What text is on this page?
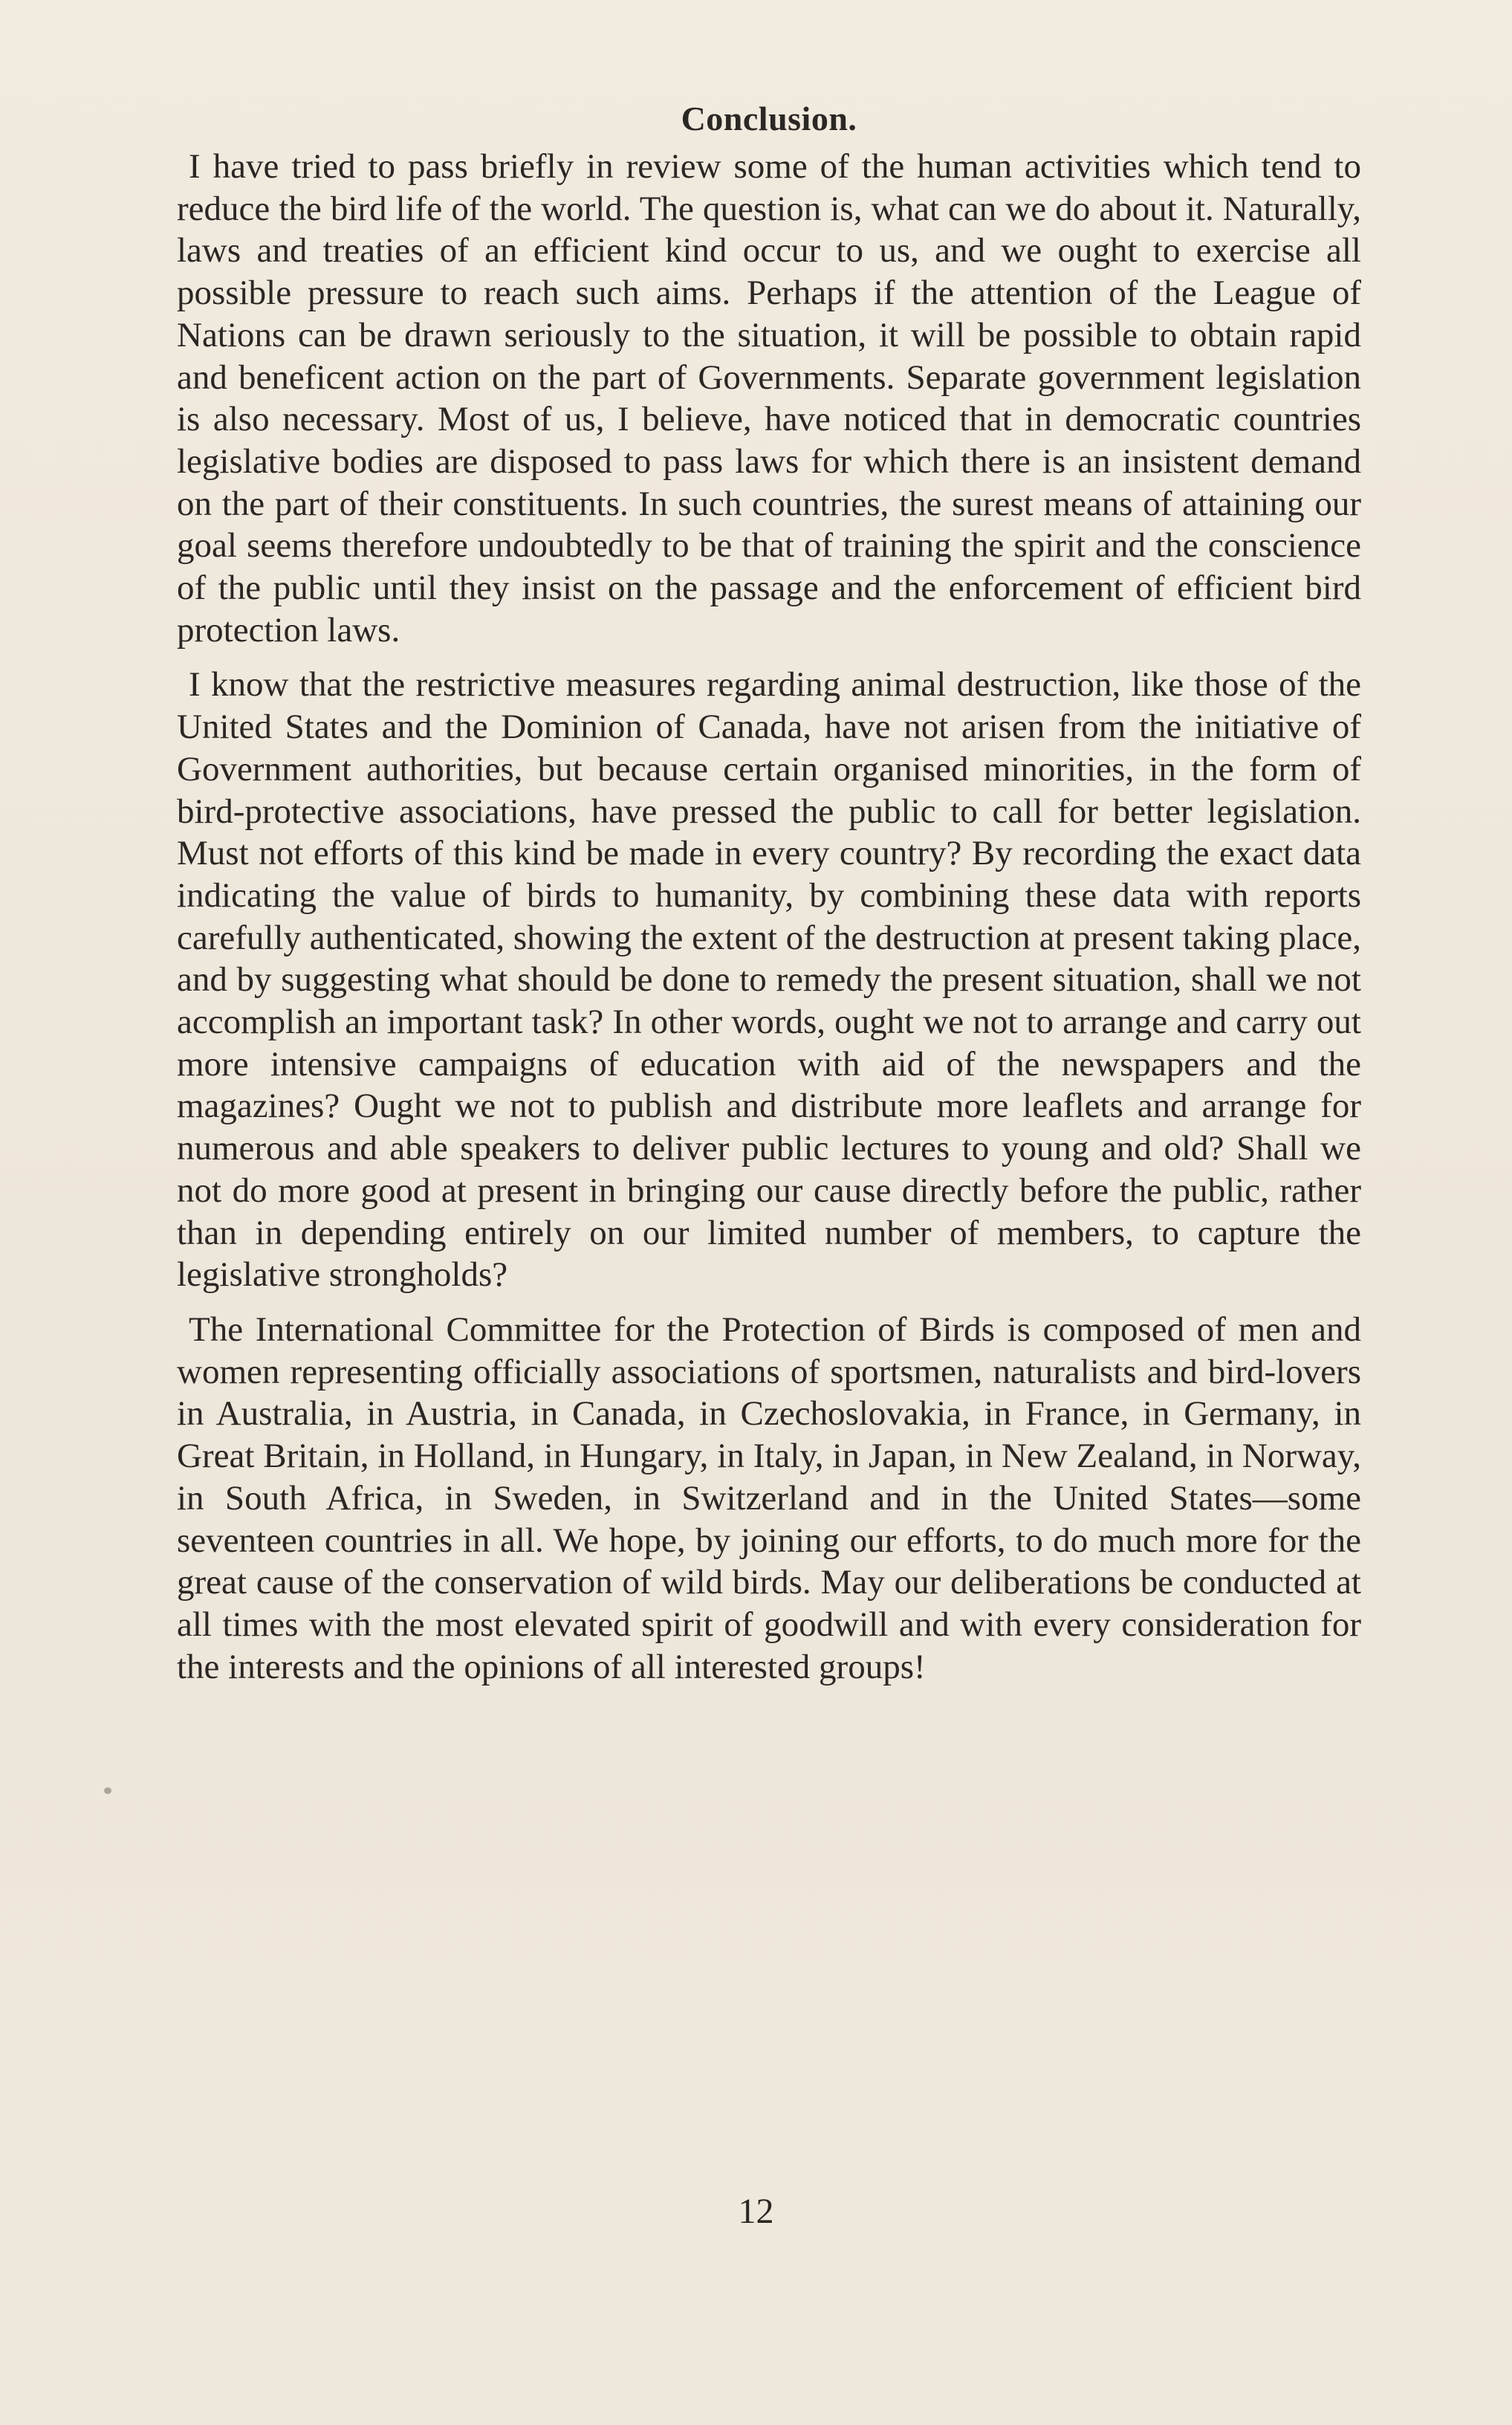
Conclusion.

I have tried to pass briefly in review some of the human activities which tend to reduce the bird life of the world. The question is, what can we do about it. Naturally, laws and treaties of an efficient kind occur to us, and we ought to exercise all possible pressure to reach such aims. Perhaps if the attention of the League of Nations can be drawn seriously to the situation, it will be possible to obtain rapid and beneficent action on the part of Governments. Separate government legislation is also necessary. Most of us, I believe, have noticed that in democratic countries legislative bodies are disposed to pass laws for which there is an insistent demand on the part of their constituents. In such countries, the surest means of attaining our goal seems therefore undoubtedly to be that of training the spirit and the conscience of the public until they insist on the passage and the enforcement of efficient bird protection laws.

I know that the restrictive measures regarding animal destruction, like those of the United States and the Dominion of Canada, have not arisen from the initiative of Government authorities, but because certain organised minorities, in the form of bird-protective associations, have pressed the public to call for better legislation. Must not efforts of this kind be made in every country? By recording the exact data indicating the value of birds to humanity, by combining these data with reports carefully authenticated, showing the extent of the destruction at present taking place, and by suggesting what should be done to remedy the present situation, shall we not accomplish an important task? In other words, ought we not to arrange and carry out more intensive campaigns of education with aid of the newspapers and the magazines? Ought we not to publish and distribute more leaflets and arrange for numerous and able speakers to deliver public lectures to young and old? Shall we not do more good at present in bringing our cause directly before the public, rather than in depending entirely on our limited number of members, to capture the legislative strongholds?

The International Committee for the Protection of Birds is composed of men and women representing officially associations of sportsmen, naturalists and bird-lovers in Australia, in Austria, in Canada, in Czechoslovakia, in France, in Germany, in Great Britain, in Holland, in Hungary, in Italy, in Japan, in New Zealand, in Norway, in South Africa, in Sweden, in Switzerland and in the United States—some seventeen countries in all. We hope, by joining our efforts, to do much more for the great cause of the conservation of wild birds. May our deliberations be conducted at all times with the most elevated spirit of goodwill and with every consideration for the interests and the opinions of all interested groups!

12
